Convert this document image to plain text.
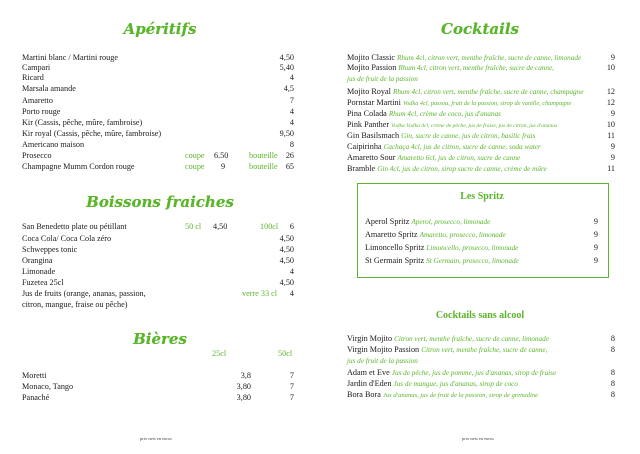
Apéritifs
Martini blanc / Martini rouge	4,50
Campari	5,40
Ricard	4
Marsala amande	4,5
Amaretto	7
Porto rouge	4
Kir (Cassis, pêche, mûre, fambroise)	4
Kir royal (Cassis, pêche, mûre, fambroise)	9,50
Americano maison	8
Prosecco	coupe 6.50	bouteille 26
Champagne Mumm Cordon rouge	coupe 9	bouteille 65
Boissons fraiches
San Benedetto plate ou pétillant	50 cl 4,50	100cl 6
Coca Cola/ Coca Cola zéro	4,50
Schweppes tonic	4,50
Orangina	4,50
Limonade	4
Fuzetea 25cl	4,50
Jus de fruits (orange, ananas, passion,	verre 33 cl 4
citron, mangue, fraise ou pêche)
Bières
25cl	50cl
Moretti	3,8	7
Monaco, Tango	3,80	7
Panaché	3,80	7
prix nets en euros
Cocktails
Mojito Classic Rhum 4cl, citron vert, menthe fraîche, sucre de canne, limonade	9
Mojito Passion Rhum 4cl, citron vert, menthe fraîche, sucre de canne,	10
jus de fruit de la passion
Mojito Royal Rhum 4cl, citron vert, menthe fraîche, sucre de canne, champagne	12
Pornstar Martini Vodka 4cl, passoa, fruit de la passion, sirop de vanille, champagne	12
Pina Colada Rhum 4cl, crème de coco, jus d'ananas	9
Pink Panther Vodka Vodka 4cl, crème de pêche, jus de fraise, jus de citron, jus d'ananas	10
Gin Basilsmach Gin, sucre de canne, jus de citron, basilic frais	11
Caipirinha Cachaça 4cl, jus de citron, sucre de canne, soda water	9
Amaretto Sour Amaretto 6cl, jus de citron, sucre de canne	9
Bramble Gin 4cl, jus de citron, sirop sucre de canne, crème de mûre	11
Les Spritz
Aperol Spritz Aperol, prosecco, limonade	9
Amaretto Spritz Amaretto, prosecco, limonade	9
Limoncello Spritz Limoncello, prosecco, limonade	9
St Germain Spritz St Germain, prosecco, limonade	9
Cocktails sans alcool
Virgin Mojito Citron vert, menthe fraîche, sucre de canne, limonade	8
Virgin Mojito Passion Citron vert, menthe fraîche, sucre de canne,	8
jus de fruit de la passion
Adam et Eve Jus de pêche, jus de pomme, jus d'ananas, sirop de fraise	8
Jardin d'Eden Jus de mangue, jus d'ananas, sirop de coco	8
Bora Bora Jus d'ananas, jus de fruit de la passion, sirop de grenadine	8
prix nets en euros
